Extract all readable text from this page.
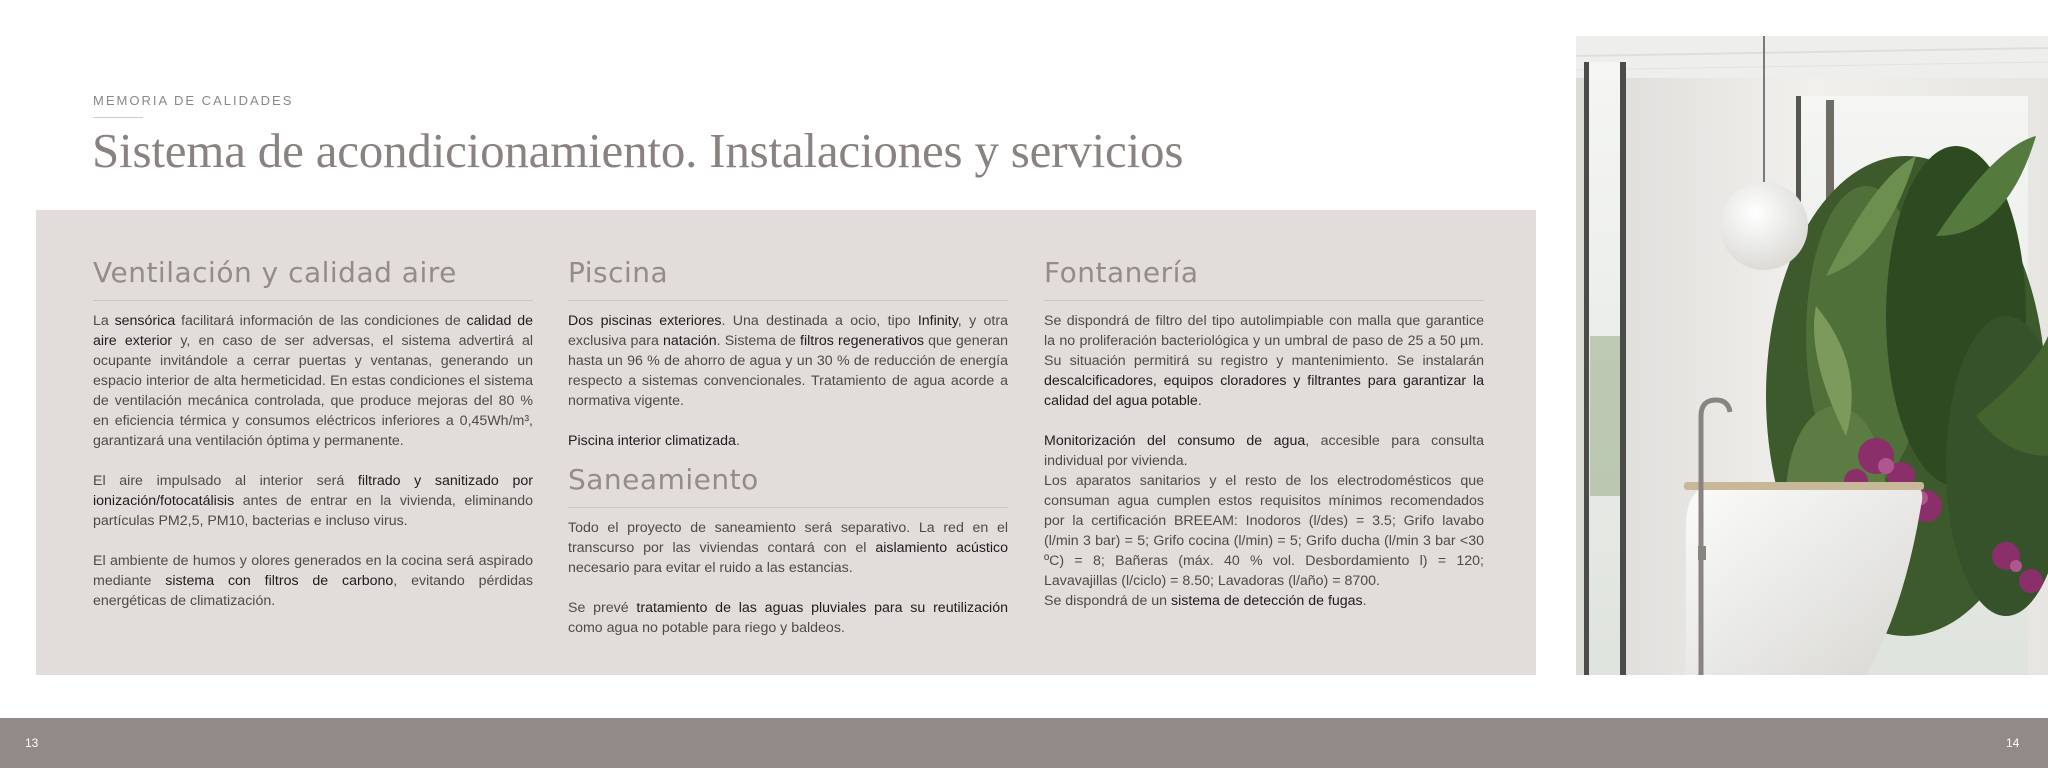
MEMORIA DE CALIDADES
Sistema de acondicionamiento. Instalaciones y servicios
Ventilación y calidad aire

La sensórica facilitará información de las condiciones de calidad de aire exterior y, en caso de ser adversas, el sistema advertirá al ocupante invitándole a cerrar puertas y ventanas, generando un espacio interior de alta hermeticidad. En estas condiciones el sistema de ventilación mecánica controlada, que produce mejoras del 80 % en eficiencia térmica y consumos eléctricos inferiores a 0,45Wh/m³, garantizará una ventilación óptima y permanente.

El aire impulsado al interior será filtrado y sanitizado por ionización/fotocatálisis antes de entrar en la vivienda, eliminando partículas PM2,5, PM10, bacterias e incluso virus.

El ambiente de humos y olores generados en la cocina será aspirado mediante sistema con filtros de carbono, evitando pérdidas energéticas de climatización.

Piscina

Dos piscinas exteriores. Una destinada a ocio, tipo Infinity, y otra exclusiva para natación. Sistema de filtros regenerativos que generan hasta un 96 % de ahorro de agua y un 30 % de reducción de energía respecto a sistemas convencionales. Tratamiento de agua acorde a normativa vigente.

Piscina interior climatizada.

Saneamiento

Todo el proyecto de saneamiento será separativo. La red en el transcurso por las viviendas contará con el aislamiento acústico necesario para evitar el ruido a las estancias.

Se prevé tratamiento de las aguas pluviales para su reutilización como agua no potable para riego y baldeos.

Fontanería

Se dispondrá de filtro del tipo autolimpiable con malla que garantice la no proliferación bacteriológica y un umbral de paso de 25 a 50 µm. Su situación permitirá su registro y mantenimiento. Se instalarán descalcificadores, equipos cloradores y filtrantes para garantizar la calidad del agua potable.

Monitorización del consumo de agua, accesible para consulta individual por vivienda.
Los aparatos sanitarios y el resto de los electrodomésticos que consuman agua cumplen estos requisitos mínimos recomendados por la certificación BREEAM: Inodoros (l/des) = 3.5; Grifo lavabo (l/min 3 bar) = 5; Grifo cocina (l/min) = 5; Grifo ducha (l/min 3 bar <30 ºC) = 8; Bañeras (máx. 40 % vol. Desbordamiento l) = 120; Lavavajillas (l/ciclo) = 8.50; Lavadoras (l/año) = 8700.
Se dispondrá de un sistema de detección de fugas.

13	14
